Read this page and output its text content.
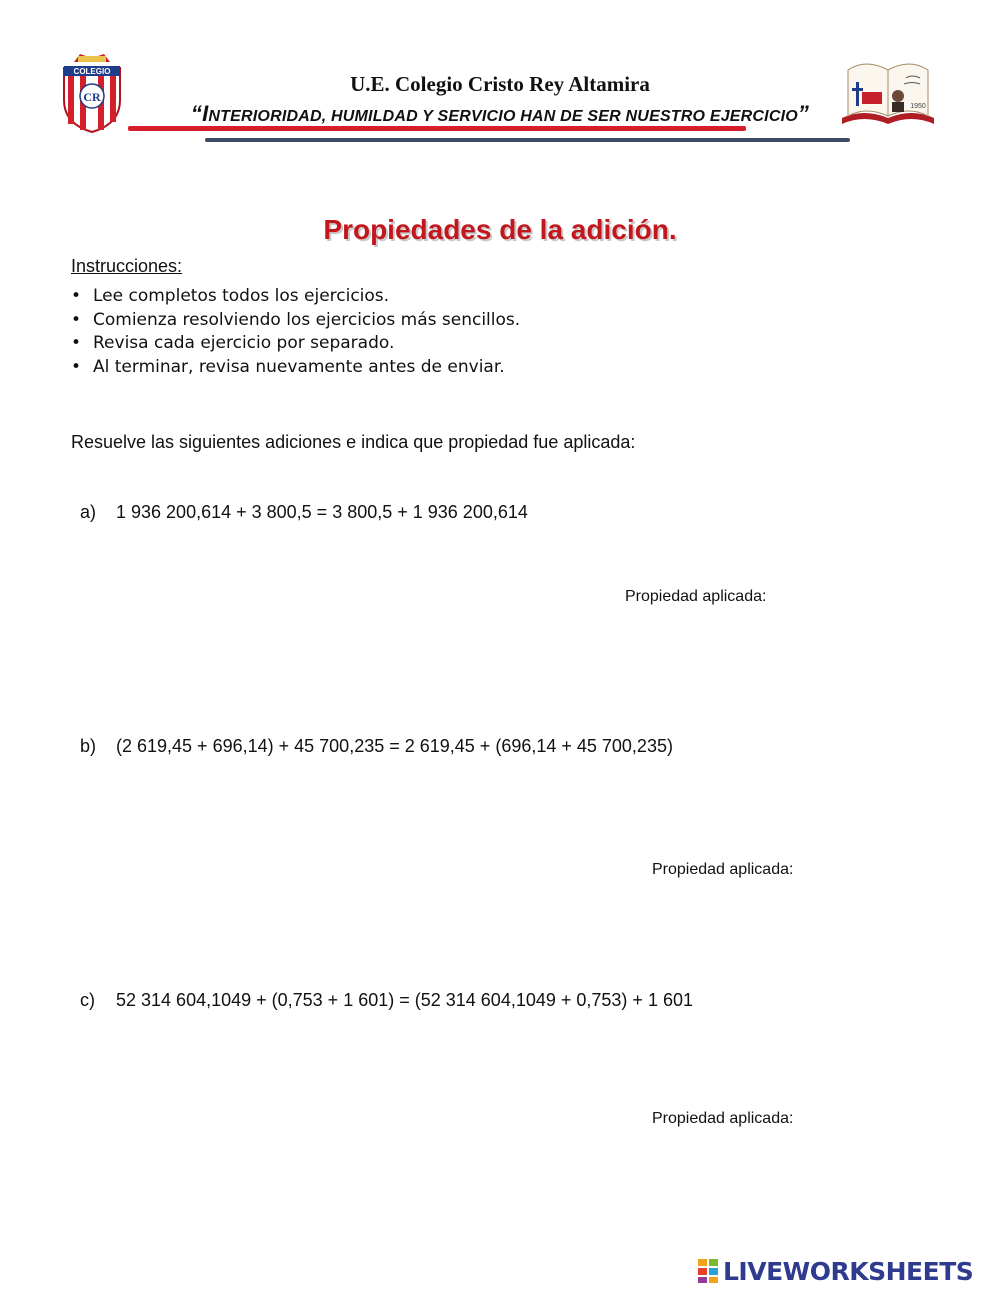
COLEGIO
CR
U.E. Colegio Cristo Rey Altamira
“INTERIORIDAD, HUMILDAD Y SERVICIO HAN DE SER NUESTRO EJERCICIO”	1950
Propiedades de la adición.
Instrucciones:
• Lee completos todos los ejercicios.
• Comienza resolviendo los ejercicios más sencillos.
• Revisa cada ejercicio por separado.
• Al terminar, revisa nuevamente antes de enviar.
Resuelve las siguientes adiciones e indica que propiedad fue aplicada:
a) 1 936 200,614 + 3 800,5 = 3 800,5 + 1 936 200,614
Propiedad aplicada:
b) (2 619,45 + 696,14) + 45 700,235 = 2 619,45 + (696,14 + 45 700,235)
Propiedad aplicada:
c) 52 314 604,1049 + (0,753 + 1 601) = (52 314 604,1049 + 0,753) + 1 601
Propiedad aplicada:
LIVEWORKSHEETS
